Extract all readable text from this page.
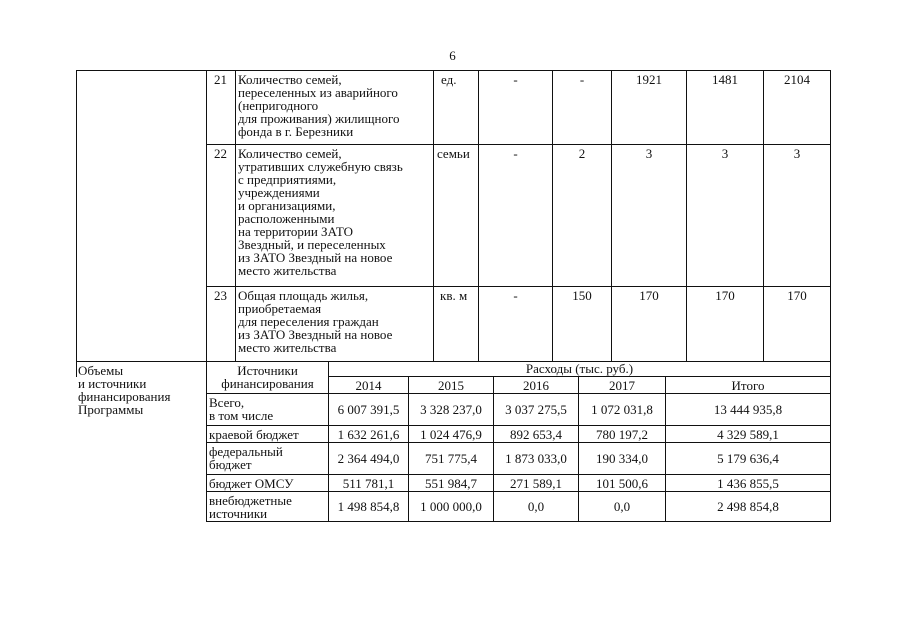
6
21 Количество семей,
переселенных из аварийного
(непригодного
для проживания) жилищного
фонда в г. Березники
ед.	-	-	1921	1481	2104
22 Количество семей,
утративших служебную связь
с предприятиями,
учреждениями
и организациями,
расположенными
на территории ЗАТО
Звездный, и переселенных
из ЗАТО Звездный на новое
место жительства
семьи	-	2	3	3	3
23 Общая площадь жилья,
приобретаемая
для переселения граждан
из ЗАТО Звездный на новое
место жительства
кв. м	-	150	170	170	170
Объемы
и источники
финансирования
Программы
Источники
финансирования
Расходы (тыс. руб.)
2014	2015	2016	2017	Итого
Всего,
в том числе	6 007 391,5	3 328 237,0	3 037 275,5	1 072 031,8	13 444 935,8
краевой бюджет	1 632 261,6	1 024 476,9	892 653,4	780 197,2	4 329 589,1
федеральный
бюджет	2 364 494,0	751 775,4	1 873 033,0	190 334,0	5 179 636,4
бюджет ОМСУ	511 781,1	551 984,7	271 589,1	101 500,6	1 436 855,5
внебюджетные
источники	1 498 854,8	1 000 000,0	0,0	0,0	2 498 854,8
